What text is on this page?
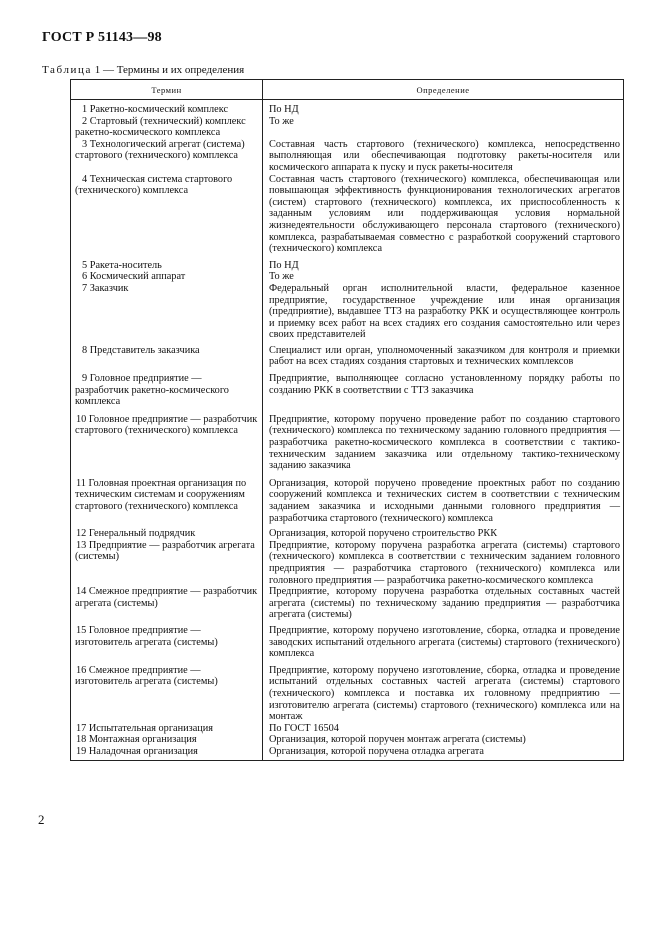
ГОСТ Р 51143—98
Таблица 1 — Термины и их определения
Термин	Определение
1 Ракетно-космический комплекс	По НД
2 Стартовый (технический) комплекс ракетно-космического комплекса	То же
3 Технологический агрегат (система) стартового (технического) комплекса	Составная часть стартового (технического) комплекса, непосредственно выполняющая или обеспечивающая подготовку ракеты-носителя или космического аппарата к пуску и пуск ракеты-носителя
4 Техническая система стартового (технического) комплекса	Составная часть стартового (технического) комплекса, обеспечивающая или повышающая эффективность функционирования технологических агрегатов (систем) стартового (технического) комплекса, их приспособленность к заданным условиям или поддерживающая условия нормальной жизнедеятельности обслуживающего персонала стартового (технического) комплекса, разрабатываемая совместно с разработкой сооружений стартового (технического) комплекса
5 Ракета-носитель	По НД
6 Космический аппарат	То же
7 Заказчик	Федеральный орган исполнительной власти, федеральное казенное предприятие, государственное учреждение или иная организация (предприятие), выдавшее ТТЗ на разработку РКК и осуществляющее контроль и приемку всех работ на всех стадиях его создания самостоятельно или через своих представителей
8 Представитель заказчика	Специалист или орган, уполномоченный заказчиком для контроля и приемки работ на всех стадиях создания стартовых и технических комплексов
9 Головное предприятие — разработчик ракетно-космического комплекса	Предприятие, выполняющее согласно установленному порядку работы по созданию РКК в соответствии с ТТЗ заказчика
10 Головное предприятие — разработчик стартового (технического) комплекса	Предприятие, которому поручено проведение работ по созданию стартового (технического) комплекса по техническому заданию головного предприятия — разработчика ракетно-космического комплекса в соответствии с тактико-техническим заданием заказчика или отдельному тактико-техническому заданию заказчика
11 Головная проектная организация по техническим системам и сооружениям стартового (технического) комплекса	Организация, которой поручено проведение проектных работ по созданию сооружений комплекса и технических систем в соответствии с техническим заданием заказчика и исходными данными головного предприятия — разработчика стартового (технического) комплекса
12 Генеральный подрядчик	Организация, которой поручено строительство РКК
13 Предприятие — разработчик агрегата (системы)	Предприятие, которому поручена разработка агрегата (системы) стартового (технического) комплекса в соответствии с техническим заданием головного предприятия — разработчика стартового (технического) комплекса или головного предприятия — разработчика ракетно-космического комплекса
14 Смежное предприятие — разработчик агрегата (системы)	Предприятие, которому поручена разработка отдельных составных частей агрегата (системы) по техническому заданию предприятия — разработчика агрегата (системы)
15 Головное предприятие — изготовитель агрегата (системы)	Предприятие, которому поручено изготовление, сборка, отладка и проведение заводских испытаний отдельного агрегата (системы) стартового (технического) комплекса
16 Смежное предприятие — изготовитель агрегата (системы)	Предприятие, которому поручено изготовление, сборка, отладка и проведение испытаний отдельных составных частей агрегата (системы) стартового (технического) комплекса и поставка их головному предприятию — изготовителю агрегата (системы) стартового (технического) комплекса или на монтаж
17 Испытательная организация	По ГОСТ 16504
18 Монтажная организация	Организация, которой поручен монтаж агрегата (системы)
19 Наладочная организация	Организация, которой поручена отладка агрегата
2
